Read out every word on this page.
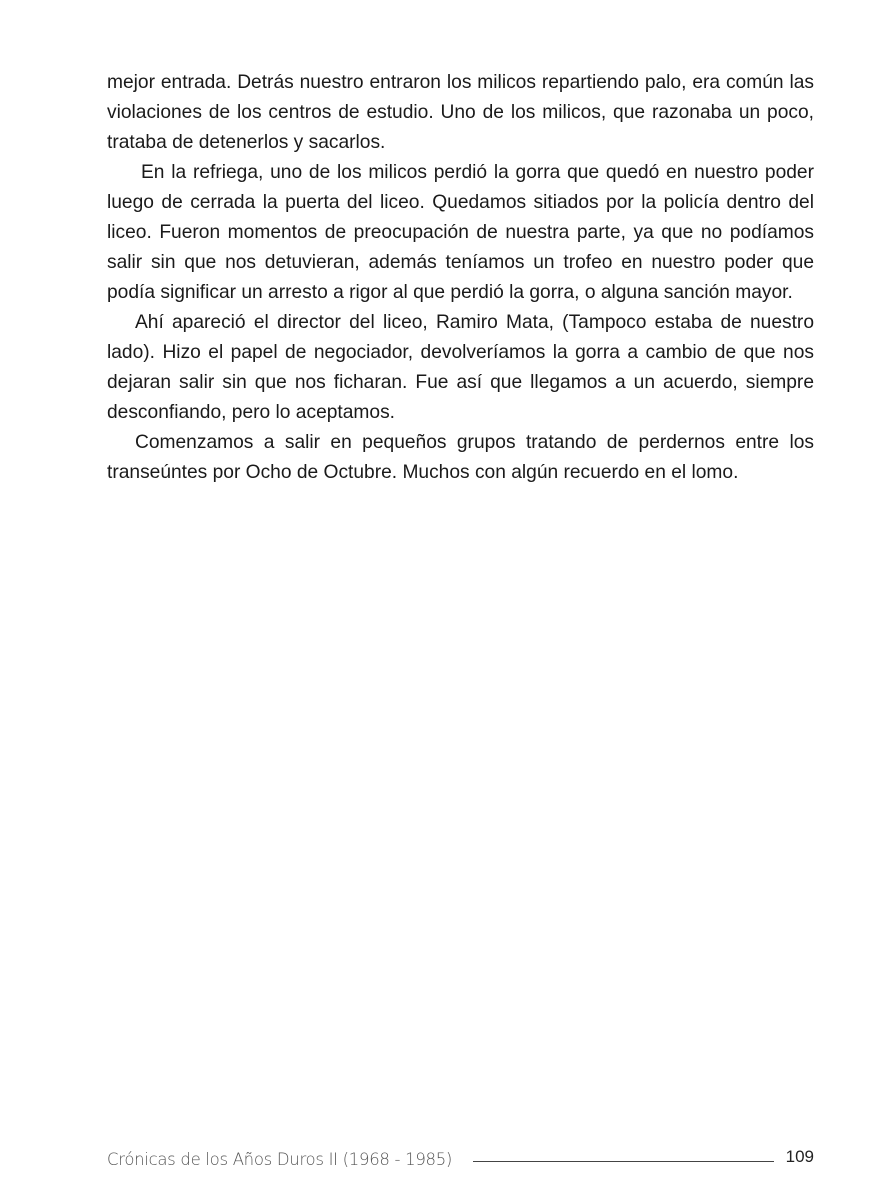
mejor entrada. Detrás nuestro entraron los milicos repartiendo palo, era común las violaciones de los centros de estudio. Uno de los milicos, que razonaba un poco, trataba de detenerlos y sacarlos.

En la refriega, uno de los milicos perdió la gorra que quedó en nuestro poder luego de cerrada la puerta del liceo. Quedamos sitiados por la policía dentro del liceo. Fueron momentos de preocupación de nuestra parte, ya que no podíamos salir sin que nos detuvieran, además teníamos un trofeo en nuestro poder que podía significar un arresto a rigor al que perdió la gorra, o alguna sanción mayor.

Ahí apareció el director del liceo, Ramiro Mata, (Tampoco estaba de nuestro lado). Hizo el papel de negociador, devolveríamos la gorra a cambio de que nos dejaran salir sin que nos ficharan. Fue así que llegamos a un acuerdo, siempre desconfiando, pero lo aceptamos.

Comenzamos a salir en pequeños grupos tratando de perdernos entre los transeúntes por Ocho de Octubre. Muchos con algún recuerdo en el lomo.

Crónicas de los Años Duros II (1968 - 1985)	109
